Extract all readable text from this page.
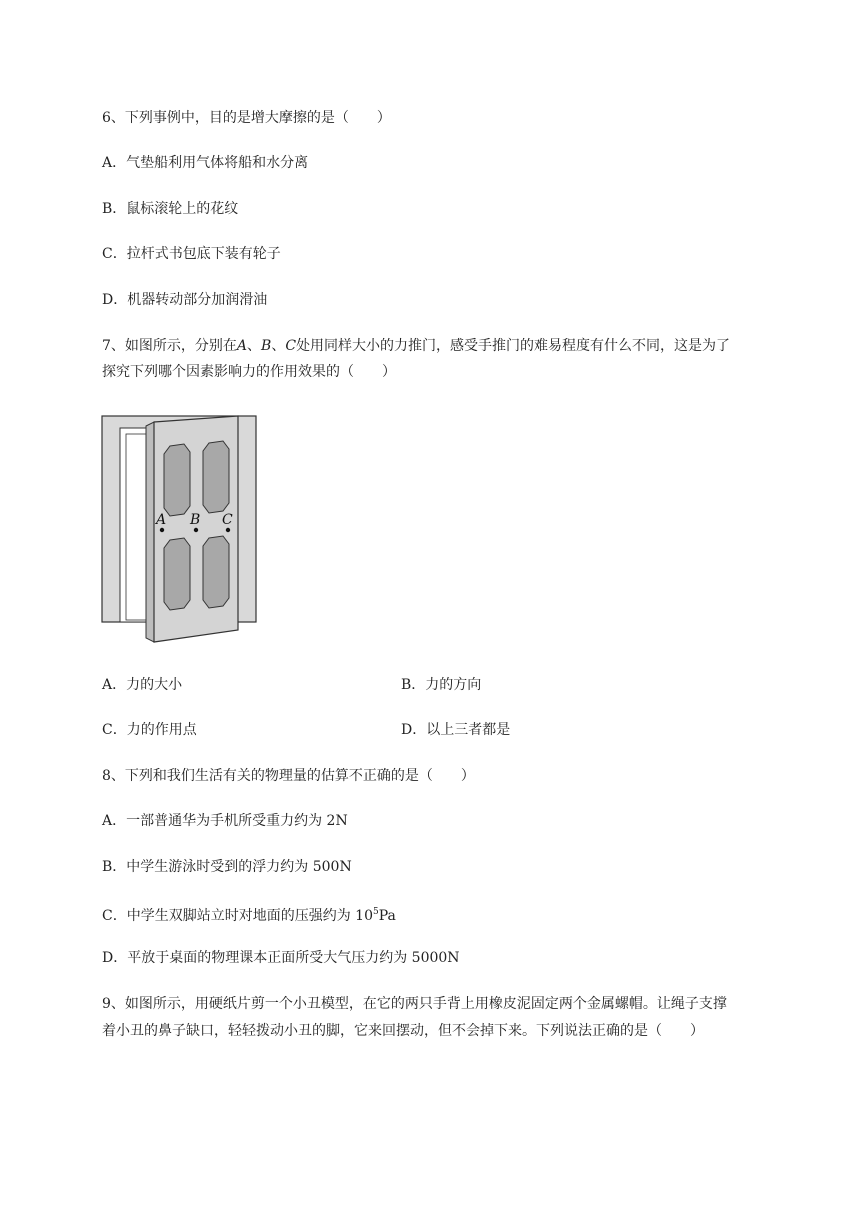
6、下列事例中，目的是增大摩擦的是（　　）
A．气垫船利用气体将船和水分离
B．鼠标滚轮上的花纹
C．拉杆式书包底下装有轮子
D．机器转动部分加润滑油
7、如图所示，分别在A、B、C处用同样大小的力推门，感受手推门的难易程度有什么不同，这是为了
探究下列哪个因素影响力的作用效果的（　　）
A B C
A．力的大小	B．力的方向
C．力的作用点	D．以上三者都是
8、下列和我们生活有关的物理量的估算不正确的是（　　）
A．一部普通华为手机所受重力约为 2N
B．中学生游泳时受到的浮力约为 500N
C．中学生双脚站立时对地面的压强约为 $10^5Pa$
D．平放于桌面的物理课本正面所受大气压力约为 5000N
9、如图所示，用硬纸片剪一个小丑模型，在它的两只手背上用橡皮泥固定两个金属螺帽。让绳子支撑
着小丑的鼻子缺口，轻轻拨动小丑的脚，它来回摆动，但不会掉下来。下列说法正确的是（　　）
